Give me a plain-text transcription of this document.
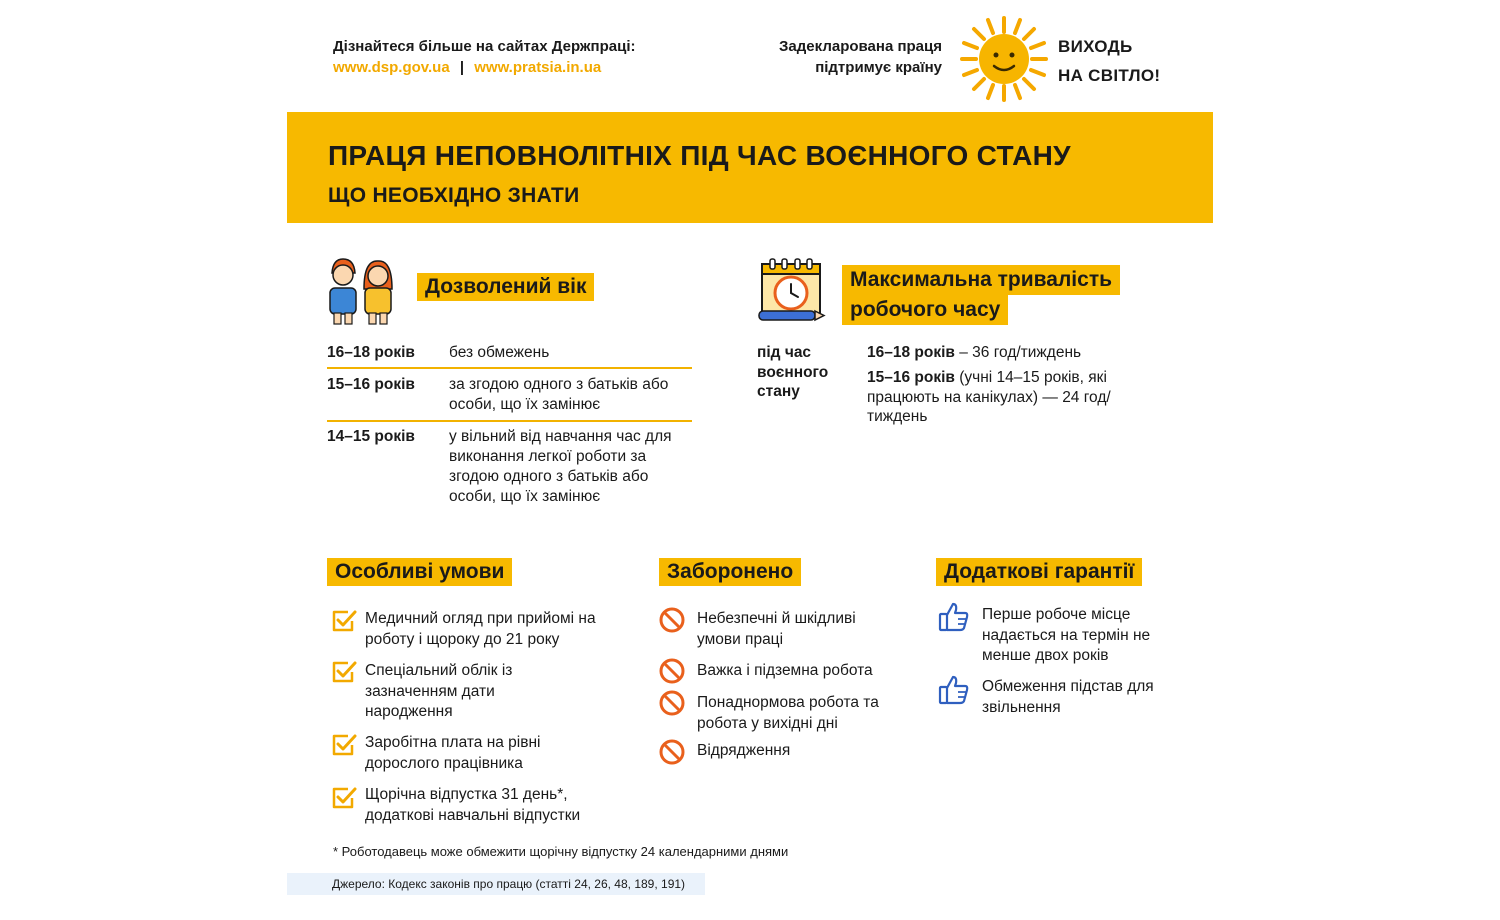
Дізнайтеся більше на сайтах Держпраці:
www.dsp.gov.ua | www.pratsia.in.ua
Задекларована праця
підтримує країну
ВИХОДЬ
НА СВІТЛО!
ПРАЦЯ НЕПОВНОЛІТНІХ ПІД ЧАС ВОЄННОГО СТАНУ
ЩО НЕОБХІДНО ЗНАТИ
Дозволений вік
16–18 років без обмежень
15–16 років за згодою одного з батьків або особи, що їх замінює
14–15 років у вільний від навчання час для виконання легкої роботи за згодою одного з батьків або особи, що їх замінює
Максимальна тривалість
робочого часу
під час воєнного стану
16–18 років – 36 год/тиждень
15–16 років (учні 14–15 років, які працюють на канікулах) — 24 год/тиждень
Особливі умови
Медичний огляд при прийомі на роботу і щороку до 21 року
Спеціальний облік із зазначенням дати народження
Заробітна плата на рівні дорослого працівника
Щорічна відпустка 31 день*, додаткові навчальні відпустки
Заборонено
Небезпечні й шкідливі умови праці
Важка і підземна робота
Понаднормова робота та робота у вихідні дні
Відрядження
Додаткові гарантії
Перше робоче місце надається на термін не менше двох років
Обмеження підстав для звільнення
* Роботодавець може обмежити щорічну відпустку 24 календарними днями
Джерело: Кодекс законів про працю (статті 24, 26, 48, 189, 191)
